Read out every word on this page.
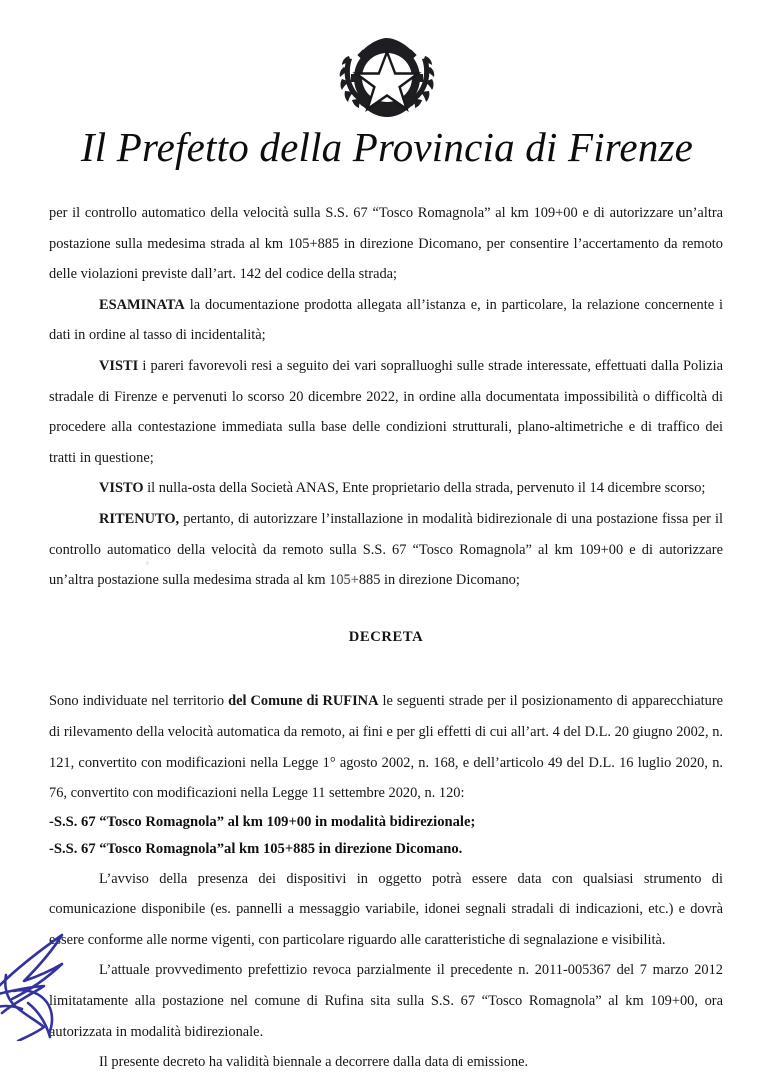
Il Prefetto della Provincia di Firenze

per il controllo automatico della velocità sulla S.S. 67 “Tosco Romagnola” al km 109+00 e di autorizzare un’altra postazione sulla medesima strada al km 105+885 in direzione Dicomano, per consentire l’accertamento da remoto delle violazioni previste dall’art. 142 del codice della strada;

ESAMINATA la documentazione prodotta allegata all’istanza e, in particolare, la relazione concernente i dati in ordine al tasso di incidentalità;

VISTI i pareri favorevoli resi a seguito dei vari sopralluoghi sulle strade interessate, effettuati dalla Polizia stradale di Firenze e pervenuti lo scorso 20 dicembre 2022, in ordine alla documentata impossibilità o difficoltà di procedere alla contestazione immediata sulla base delle condizioni strutturali, plano-altimetriche e di traffico dei tratti in questione;

VISTO il nulla-osta della Società ANAS, Ente proprietario della strada, pervenuto il 14 dicembre scorso;

RITENUTO, pertanto, di autorizzare l’installazione in modalità bidirezionale di una postazione fissa per il controllo automatico della velocità da remoto sulla S.S. 67 “Tosco Romagnola” al km 109+00 e di autorizzare un’altra postazione sulla medesima strada al km 105+885 in direzione Dicomano;

DECRETA

Sono individuate nel territorio del Comune di RUFINA le seguenti strade per il posizionamento di apparecchiature di rilevamento della velocità automatica da remoto, ai fini e per gli effetti di cui all’art. 4 del D.L. 20 giugno 2002, n. 121, convertito con modificazioni nella Legge 1° agosto 2002, n. 168, e dell’articolo 49 del D.L. 16 luglio 2020, n. 76, convertito con modificazioni nella Legge 11 settembre 2020, n. 120:

-S.S. 67 “Tosco Romagnola” al km 109+00 in modalità bidirezionale;

-S.S. 67 “Tosco Romagnola”al km 105+885 in direzione Dicomano.

L’avviso della presenza dei dispositivi in oggetto potrà essere data con qualsiasi strumento di comunicazione disponibile (es. pannelli a messaggio variabile, idonei segnali stradali di indicazioni, etc.) e dovrà essere conforme alle norme vigenti, con particolare riguardo alle caratteristiche di segnalazione e visibilità.

L’attuale provvedimento prefettizio revoca parzialmente il precedente n. 2011-005367 del 7 marzo 2012 limitatamente alla postazione nel comune di Rufina sita sulla S.S. 67 “Tosco Romagnola” al km 109+00, ora autorizzata in modalità bidirezionale.

Il presente decreto ha validità biennale a decorrere dalla data di emissione.
